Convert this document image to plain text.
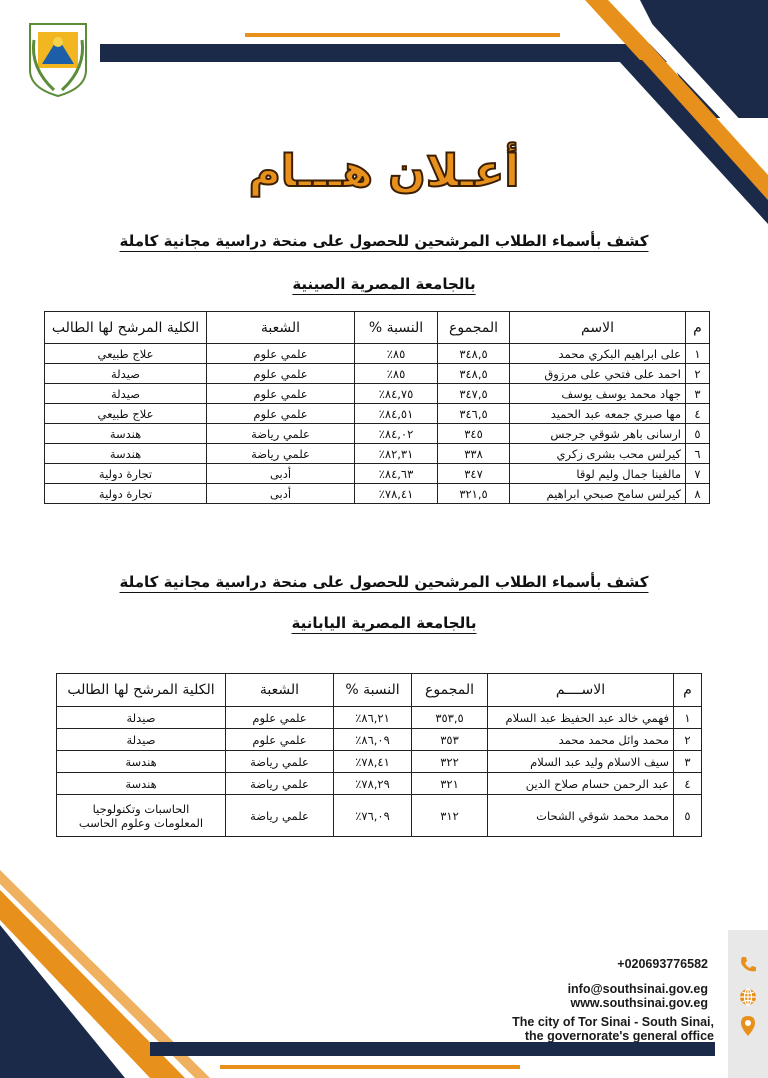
أعـلان هـــام
كشف بأسماء الطلاب المرشحين للحصول على منحة دراسية مجانية كاملة
بالجامعة المصرية الصينية
م	الاسم	المجموع	النسبة %	الشعبة	الكلية المرشح لها الطالب
١	على ابراهيم البكري محمد	٣٤٨,٥	٨٥٪	علمي علوم	علاج طبيعي
٢	احمد على فتحي على مرزوق	٣٤٨,٥	٨٥٪	علمي علوم	صيدلة
٣	جهاد محمد يوسف يوسف	٣٤٧,٥	٨٤,٧٥٪	علمي علوم	صيدلة
٤	مها صبري جمعه عبد الحميد	٣٤٦,٥	٨٤,٥١٪	علمي علوم	علاج طبيعي
٥	ارسانى باهر شوقي جرجس	٣٤٥	٨٤,٠٢٪	علمي رياضة	هندسة
٦	كيرلس محب بشرى زكري	٣٣٨	٨٢,٣١٪	علمي رياضة	هندسة
٧	مالفينا جمال وليم لوقا	٣٤٧	٨٤,٦٣٪	أدبى	تجارة دولية
٨	كيرلس سامح صبحي ابراهيم	٣٢١,٥	٧٨,٤١٪	أدبى	تجارة دولية
كشف بأسماء الطلاب المرشحين للحصول على منحة دراسية مجانية كاملة
بالجامعة المصرية اليابانية
م	الاســــم	المجموع	النسبة %	الشعبة	الكلية المرشح لها الطالب
١	فهمي خالد عبد الحفيظ عبد السلام	٣٥٣,٥	٨٦,٢١٪	علمي علوم	صيدلة
٢	محمد وائل محمد محمد	٣٥٣	٨٦,٠٩٪	علمي علوم	صيدلة
٣	سيف الاسلام وليد عبد السلام	٣٢٢	٧٨,٤١٪	علمي رياضة	هندسة
٤	عبد الرحمن حسام صلاح الدين	٣٢١	٧٨,٢٩٪	علمي رياضة	هندسة
٥	محمد محمد شوقي الشحات	٣١٢	٧٦,٠٩٪	علمي رياضة	الحاسبات وتكنولوجيا
المعلومات وعلوم الحاسب
+020693776582
info@southsinai.gov.eg
www.southsinai.gov.eg
The city of Tor Sinai - South Sinai,
the governorate's general office
